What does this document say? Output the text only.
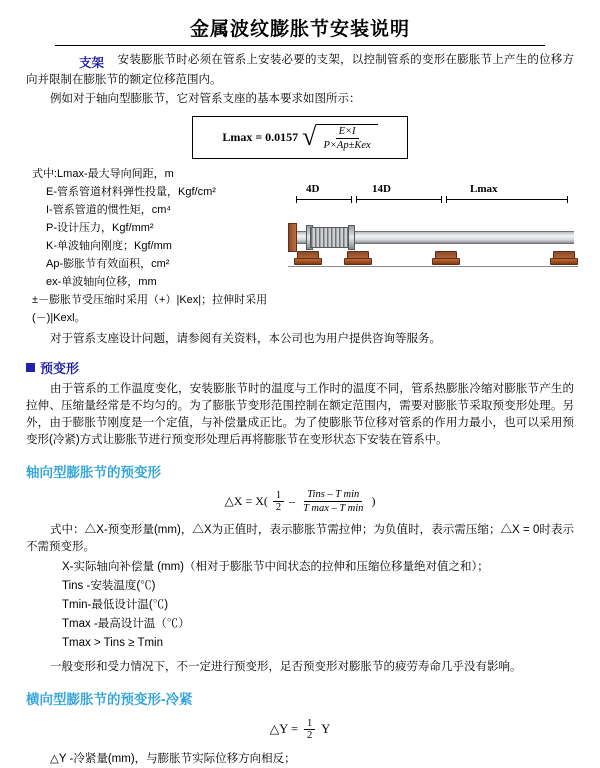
金属波纹膨胀节安装说明

支架 安装膨胀节时必须在管系上安装必要的支架，以控制管系的变形在膨胀节上产生的位移方向并限制在膨胀节的额定位移范围内。

例如对于轴向型膨胀节，它对管系支座的基本要求如图所示：

Lmax = 0.0157 √ $\frac{E\times I}{\text{P×Ap±Kex}}$
式中:Lmax-最大导向间距，m
E-管系管道材料弹性投量，Kgf/cm²
I-管系管道的惯性矩，cm⁴
P-设计压力，Kgf/mm²
K-单波轴向刚度；Kgf/mm
Ap-膨胀节有效面积，cm²
ex-单波轴向位移，mm
±－膨胀节受压缩时采用（+）|Kex|；拉伸时采用(－)|Kexl。
4D	14D	Lmax

对于管系支座设计问题，请参阅有关资料，本公司也为用户提供咨询等服务。

预变形

由于管系的工作温度变化，安装膨胀节时的温度与工作时的温度不同，管系热膨胀冷缩对膨胀节产生的拉伸、压缩量经常是不均匀的。为了膨胀节变形范围控制在额定范围内，需要对膨胀节采取预变形处理。另外，由于膨胀节刚度是一个定值，与补偿量成正比。为了使膨胀节位移对管系的作用力最小，也可以采用预变形(冷紧)方式让膨胀节进行预变形处理后再将膨胀节在变形状态下安装在管系中。

轴向型膨胀节的预变形
△X = $X( \frac{1}{2} - \frac{\text{Tins – T min}}{\text{T max – T min}}$ )

式中：△X-预变形量(mm)，△X为正值时，表示膨胀节需拉伸；为负值时，表示需压缩；△X = 0时表示不需预变形。

X-实际轴向补偿量 (mm)（相对于膨胀节中间状态的拉伸和压缩位移量绝对值之和）；
Tins -安装温度(℃)
Tmin-最低设计温(℃)
Tmax -最高设计温（℃）
Tmax > Tins ≥ Tmin

一般变形和受力情况下，不一定进行预变形，足否预变形对膨胀节的疲劳寿命几乎没有影响。

横向型膨胀节的预变形-冷紧
△Y = $\frac{1}{2}$ Y

△Y -冷紧量(mm)，与膨胀节实际位移方向相反；
